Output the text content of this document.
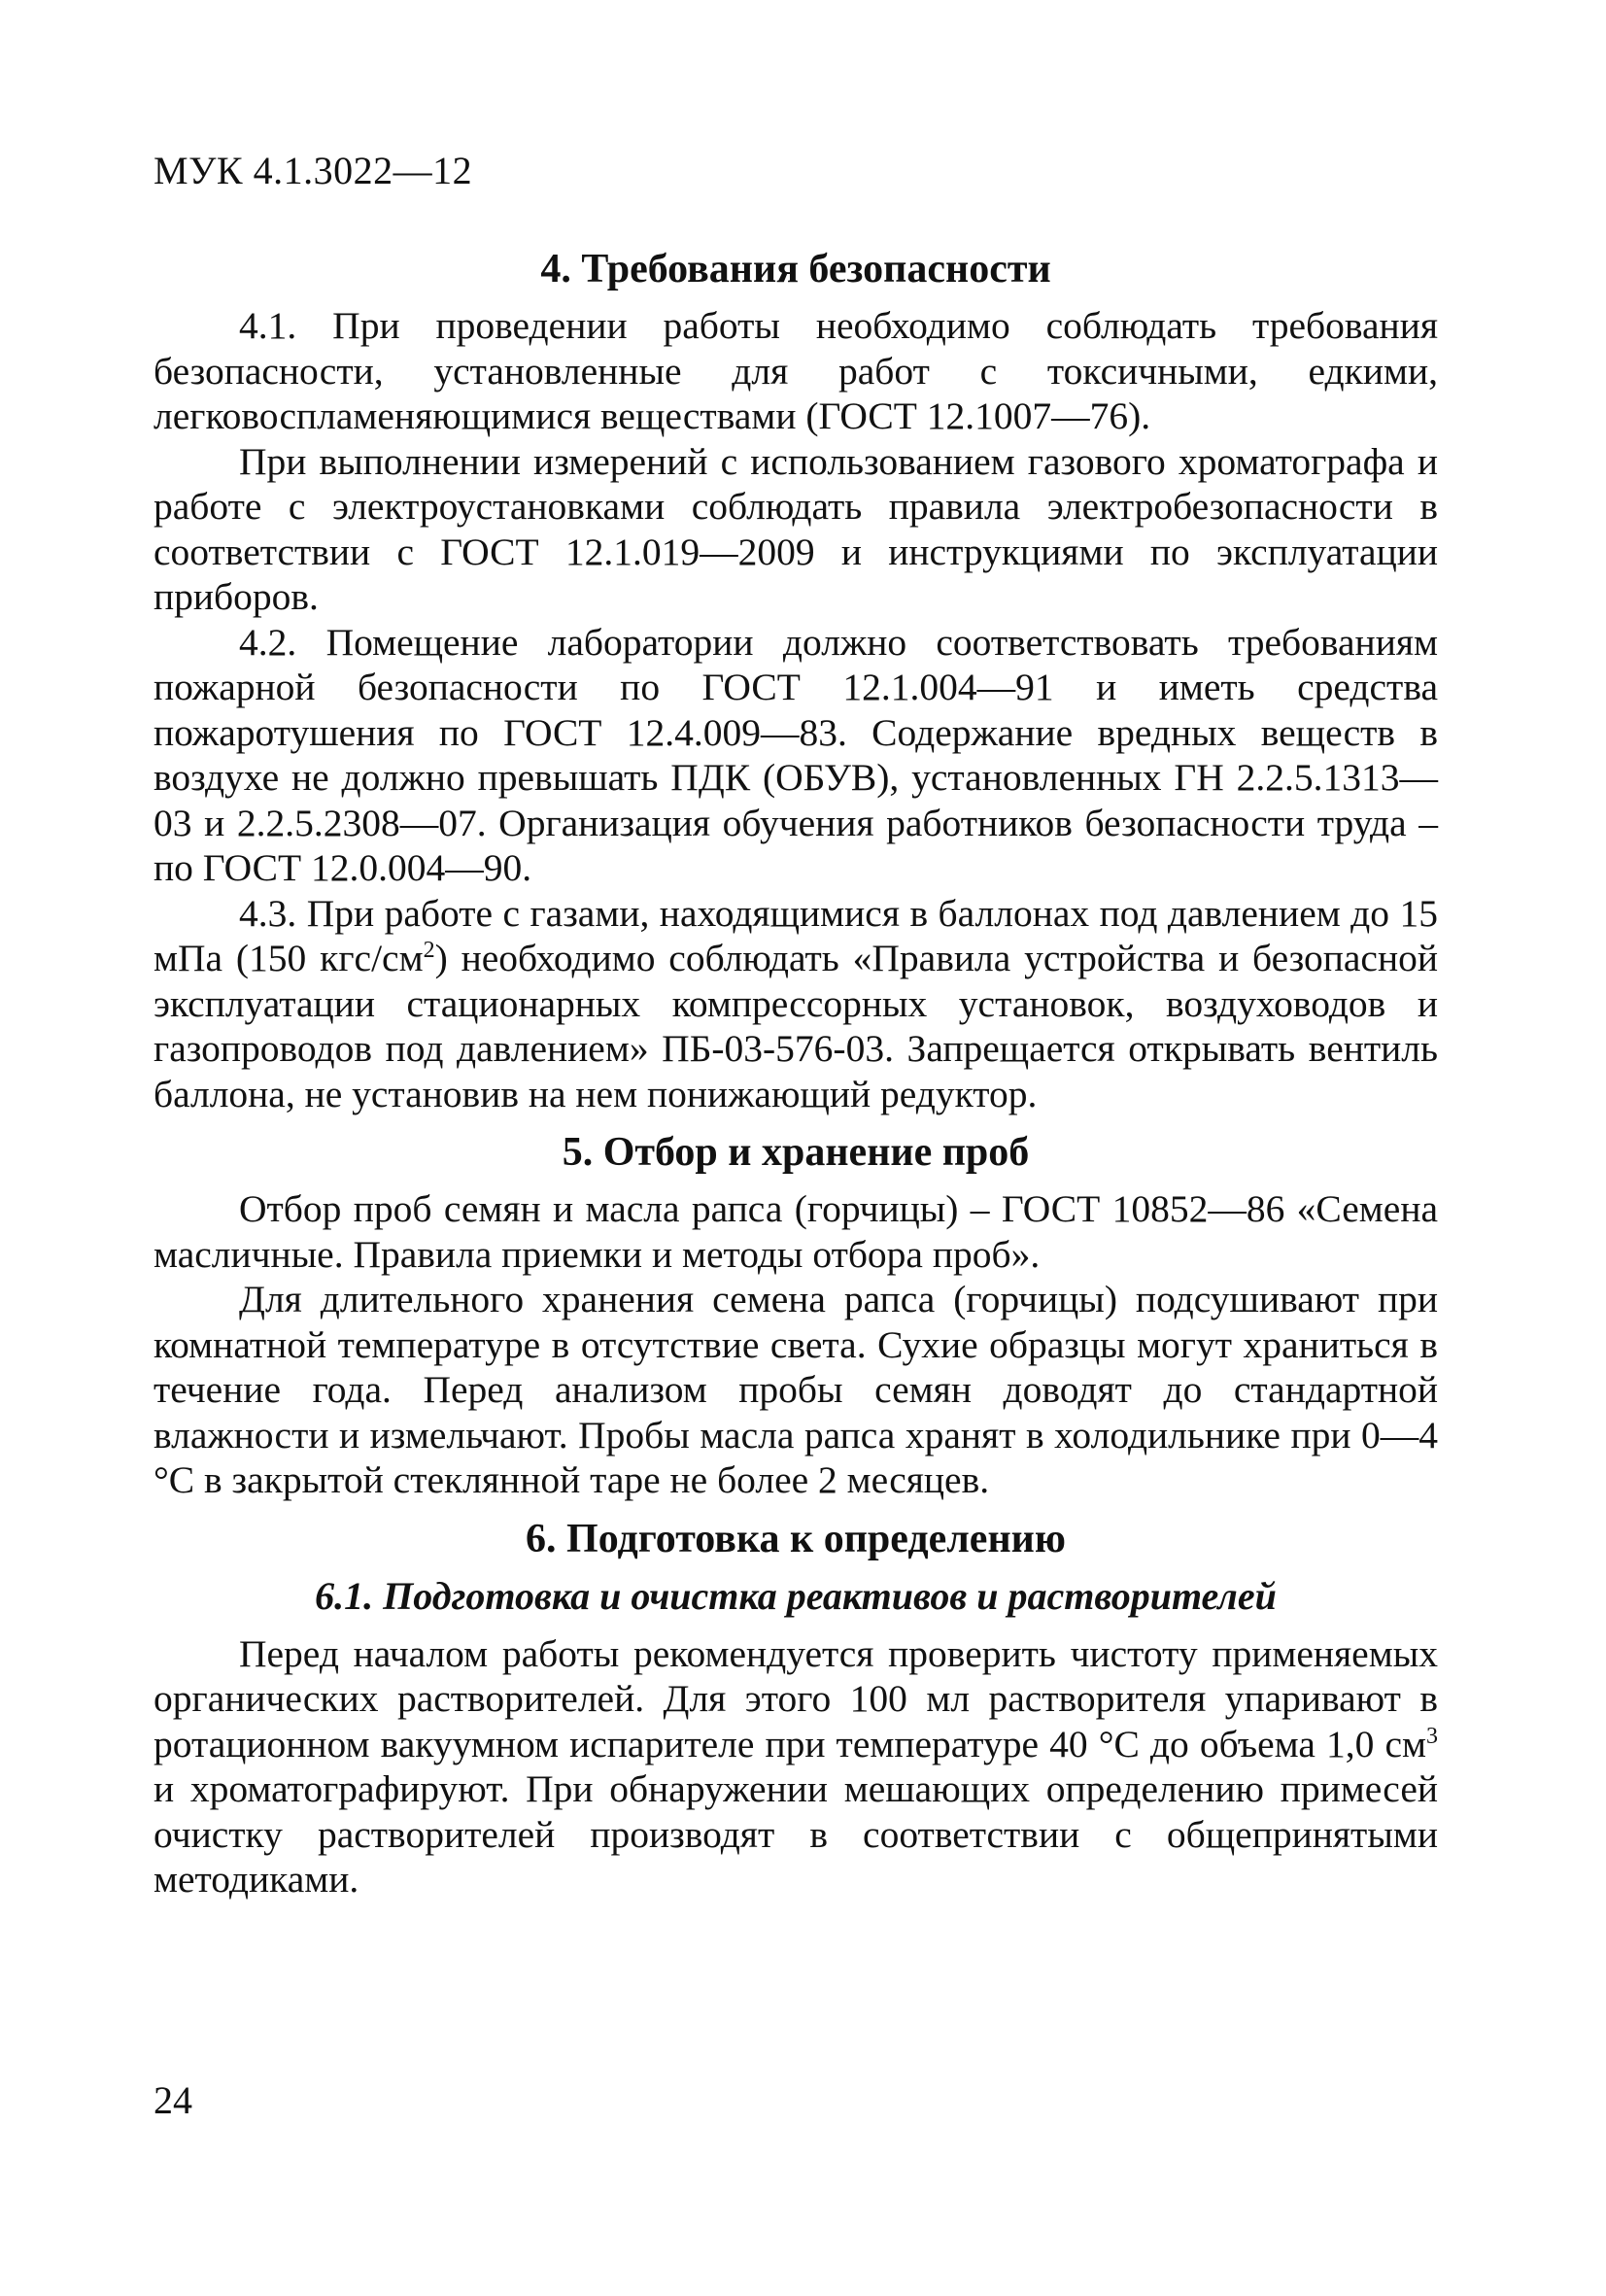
МУК 4.1.3022—12
4. Требования безопасности

4.1. При проведении работы необходимо соблюдать требования безопасности, установленные для работ с токсичными, едкими, легковоспламеняющимися веществами (ГОСТ 12.1007—76).

При выполнении измерений с использованием газового хроматографа и работе с электроустановками соблюдать правила электробезопасности в соответствии с ГОСТ 12.1.019—2009 и инструкциями по эксплуатации приборов.

4.2. Помещение лаборатории должно соответствовать требованиям пожарной безопасности по ГОСТ 12.1.004—91 и иметь средства пожаротушения по ГОСТ 12.4.009—83. Содержание вредных веществ в воздухе не должно превышать ПДК (ОБУВ), установленных ГН 2.2.5.1313—03 и 2.2.5.2308—07. Организация обучения работников безопасности труда – по ГОСТ 12.0.004—90.

4.3. При работе с газами, находящимися в баллонах под давлением до 15 мПа (150 кгс/$см^2$) необходимо соблюдать «Правила устройства и безопасной эксплуатации стационарных компрессорных установок, воздуховодов и газопроводов под давлением» ПБ-03-576-03. Запрещается открывать вентиль баллона, не установив на нем понижающий редуктор.

5. Отбор и хранение проб

Отбор проб семян и масла рапса (горчицы) – ГОСТ 10852—86 «Семена масличные. Правила приемки и методы отбора проб».

Для длительного хранения семена рапса (горчицы) подсушивают при комнатной температуре в отсутствие света. Сухие образцы могут храниться в течение года. Перед анализом пробы семян доводят до стандартной влажности и измельчают. Пробы масла рапса хранят в холодильнике при 0—4 °С в закрытой стеклянной таре не более 2 месяцев.

6. Подготовка к определению
6.1. Подготовка и очистка реактивов и растворителей

Перед началом работы рекомендуется проверить чистоту применяемых органических растворителей. Для этого 100 мл растворителя упаривают в ротационном вакуумном испарителе при температуре 40 °С до объема 1,0 $см^3$ и хроматографируют. При обнаружении мешающих определению примесей очистку растворителей производят в соответствии с общепринятыми методиками.

24
